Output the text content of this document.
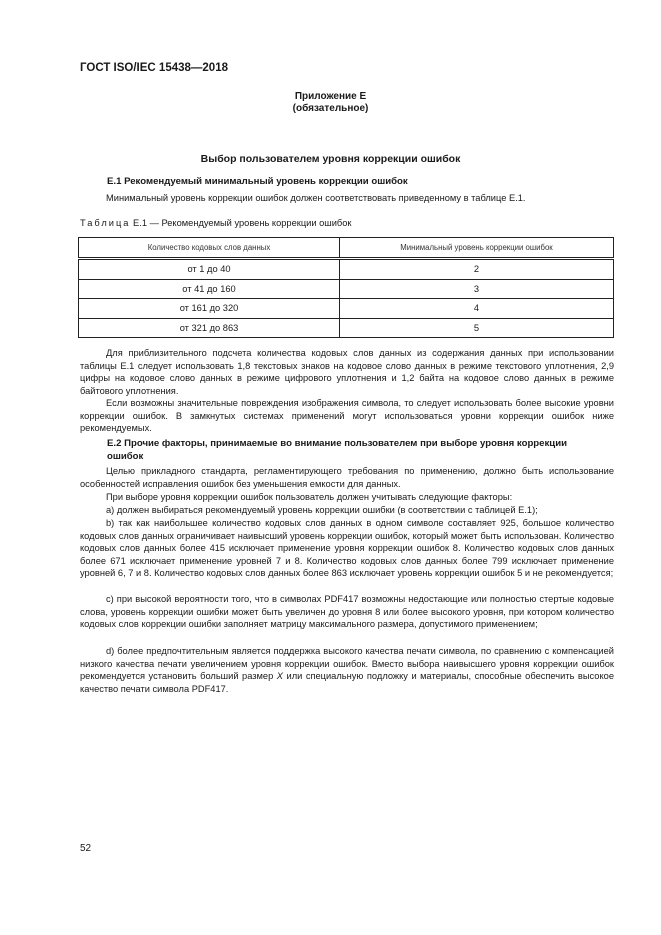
ГОСТ ISO/IEC 15438—2018
Приложение Е
(обязательное)
Выбор пользователем уровня коррекции ошибок
Е.1 Рекомендуемый минимальный уровень коррекции ошибок
Минимальный уровень коррекции ошибок должен соответствовать приведенному в таблице Е.1.
Таблица Е.1 — Рекомендуемый уровень коррекции ошибок
Количество кодовых слов данных	Минимальный уровень коррекции ошибок
от 1 до 40	2
от 41 до 160	3
от 161 до 320	4
от 321 до 863	5
Для приблизительного подсчета количества кодовых слов данных из содержания данных при использовании таблицы Е.1 следует использовать 1,8 текстовых знаков на кодовое слово данных в режиме текстового уплотнения, 2,9 цифры на кодовое слово данных в режиме цифрового уплотнения и 1,2 байта на кодовое слово данных в режиме байтового уплотнения.
Если возможны значительные повреждения изображения символа, то следует использовать более высокие уровни коррекции ошибок. В замкнутых системах применений могут использоваться уровни коррекции ошибок ниже рекомендуемых.
Е.2 Прочие факторы, принимаемые во внимание пользователем при выборе уровня коррекции ошибок
Целью прикладного стандарта, регламентирующего требования по применению, должно быть использование особенностей исправления ошибок без уменьшения емкости для данных.
При выборе уровня коррекции ошибок пользователь должен учитывать следующие факторы:
a) должен выбираться рекомендуемый уровень коррекции ошибки (в соответствии с таблицей Е.1);
b) так как наибольшее количество кодовых слов данных в одном символе составляет 925, большое количество кодовых слов данных ограничивает наивысший уровень коррекции ошибок, который может быть использован. Количество кодовых слов данных более 415 исключает применение уровня коррекции ошибок 8. Количество кодовых слов данных более 671 исключает применение уровней 7 и 8. Количество кодовых слов данных более 799 исключает применение уровней 6, 7 и 8. Количество кодовых слов данных более 863 исключает уровень коррекции ошибок 5 и не рекомендуется;
c) при высокой вероятности того, что в символах PDF417 возможны недостающие или полностью стертые кодовые слова, уровень коррекции ошибки может быть увеличен до уровня 8 или более высокого уровня, при котором количество кодовых слов коррекции ошибки заполняет матрицу максимального размера, допустимого применением;
d) более предпочтительным является поддержка высокого качества печати символа, по сравнению с компенсацией низкого качества печати увеличением уровня коррекции ошибок. Вместо выбора наивысшего уровня коррекции ошибок рекомендуется установить больший размер X или специальную подложку и материалы, способные обеспечить высокое качество печати символа PDF417.
52
